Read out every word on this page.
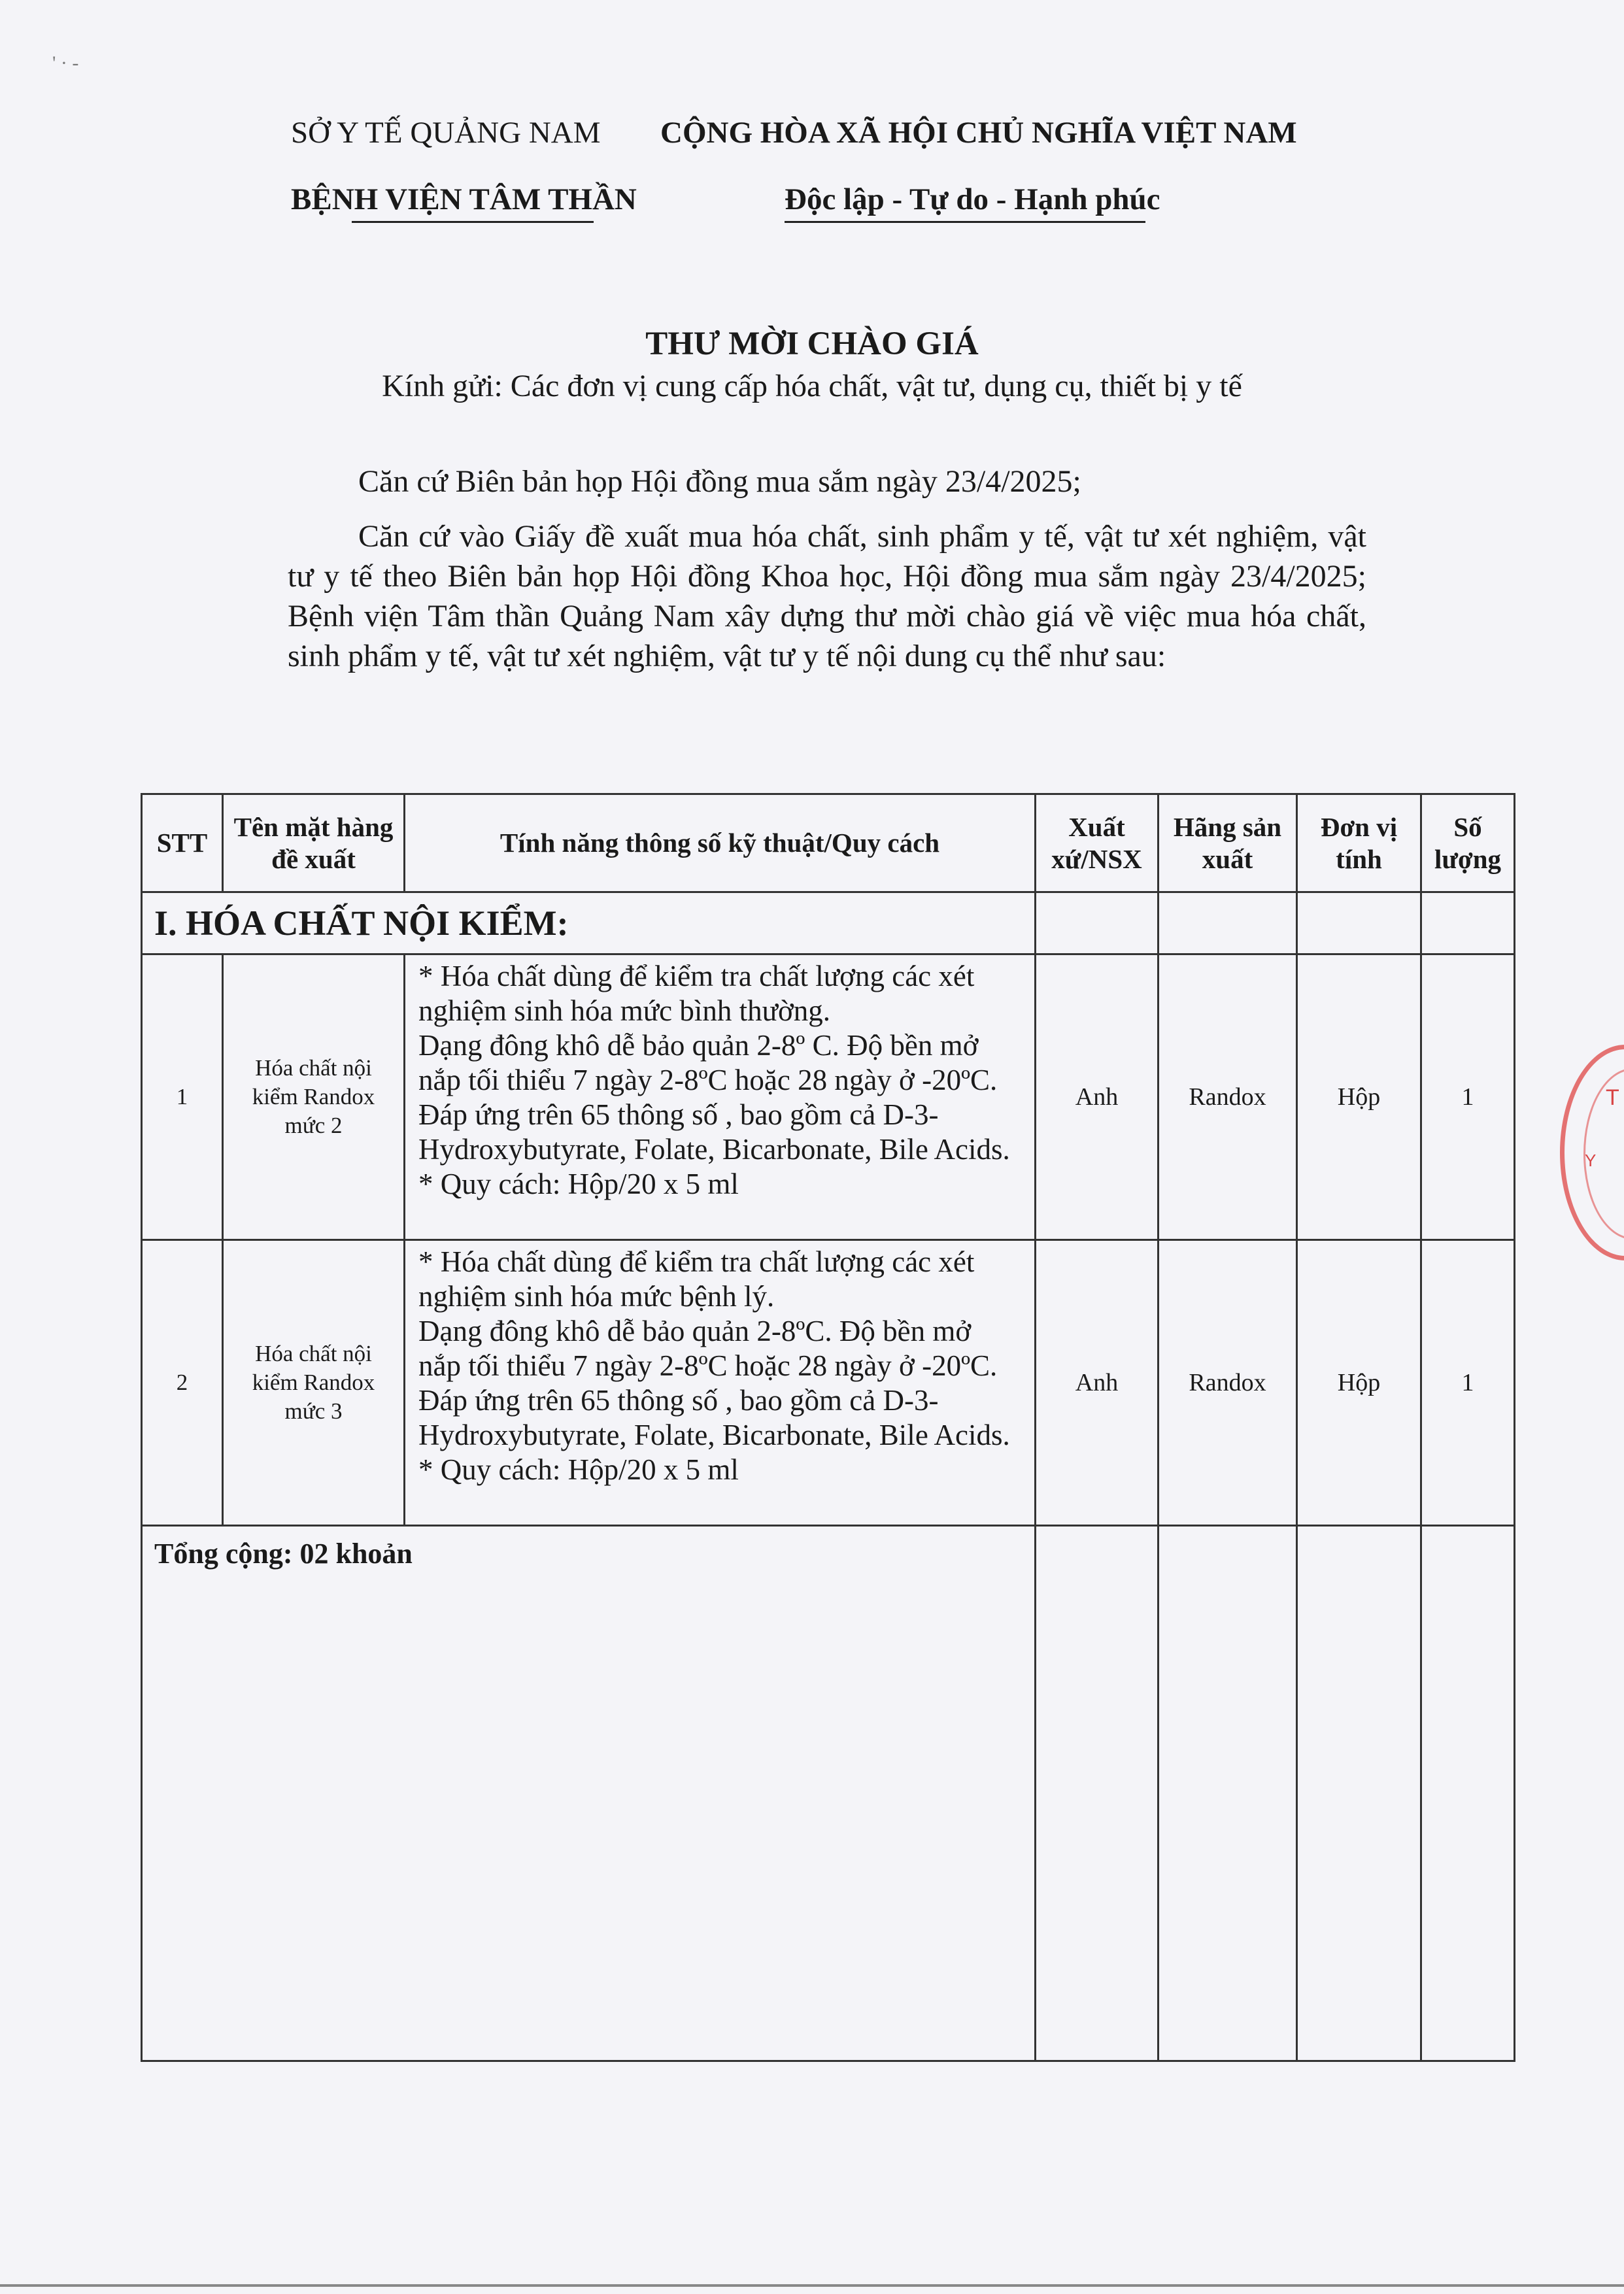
' · -
SỞ Y TẾ QUẢNG NAM
BỆNH VIỆN TÂM THẦN
CỘNG HÒA XÃ HỘI CHỦ NGHĨA VIỆT NAM
Độc lập - Tự do - Hạnh phúc
THƯ MỜI CHÀO GIÁ
Kính gửi: Các đơn vị cung cấp hóa chất, vật tư, dụng cụ, thiết bị y tế
Căn cứ Biên bản họp Hội đồng mua sắm ngày 23/4/2025;
Căn cứ vào Giấy đề xuất mua hóa chất, sinh phẩm y tế, vật tư xét nghiệm, vật tư y tế theo Biên bản họp Hội đồng Khoa học, Hội đồng mua sắm ngày 23/4/2025; Bệnh viện Tâm thần Quảng Nam xây dựng thư mời chào giá về việc mua hóa chất, sinh phẩm y tế, vật tư xét nghiệm, vật tư y tế nội dung cụ thể như sau:
STT	Tên mặt hàng đề xuất	Tính năng thông số kỹ thuật/Quy cách	Xuất xứ/NSX	Hãng sản xuất	Đơn vị tính	Số lượng
I. HÓA CHẤT NỘI KIỂM:						
1	Hóa chất nội kiểm Randox mức 2	* Hóa chất dùng để kiểm tra chất lượng các xét nghiệm sinh hóa mức bình thường.
Dạng đông khô dễ bảo quản 2-8º C. Độ bền mở nắp tối thiểu 7 ngày 2-8ºC hoặc 28 ngày ở -20ºC. Đáp ứng trên 65 thông số , bao gồm cả D-3-Hydroxybutyrate, Folate, Bicarbonate, Bile Acids.
* Quy cách: Hộp/20 x 5 ml	Anh	Randox	Hộp	1
2	Hóa chất nội kiểm Randox mức 3	* Hóa chất dùng để kiểm tra chất lượng các xét nghiệm sinh hóa mức bệnh lý.
Dạng đông khô dễ bảo quản 2-8ºC. Độ bền mở nắp tối thiểu 7 ngày 2-8ºC hoặc 28 ngày ở -20ºC. Đáp ứng trên 65 thông số , bao gồm cả D-3-Hydroxybutyrate, Folate, Bicarbonate, Bile Acids.
* Quy cách: Hộp/20 x 5 ml	Anh	Randox	Hộp	1
Tổng cộng: 02 khoản						
T
Y
